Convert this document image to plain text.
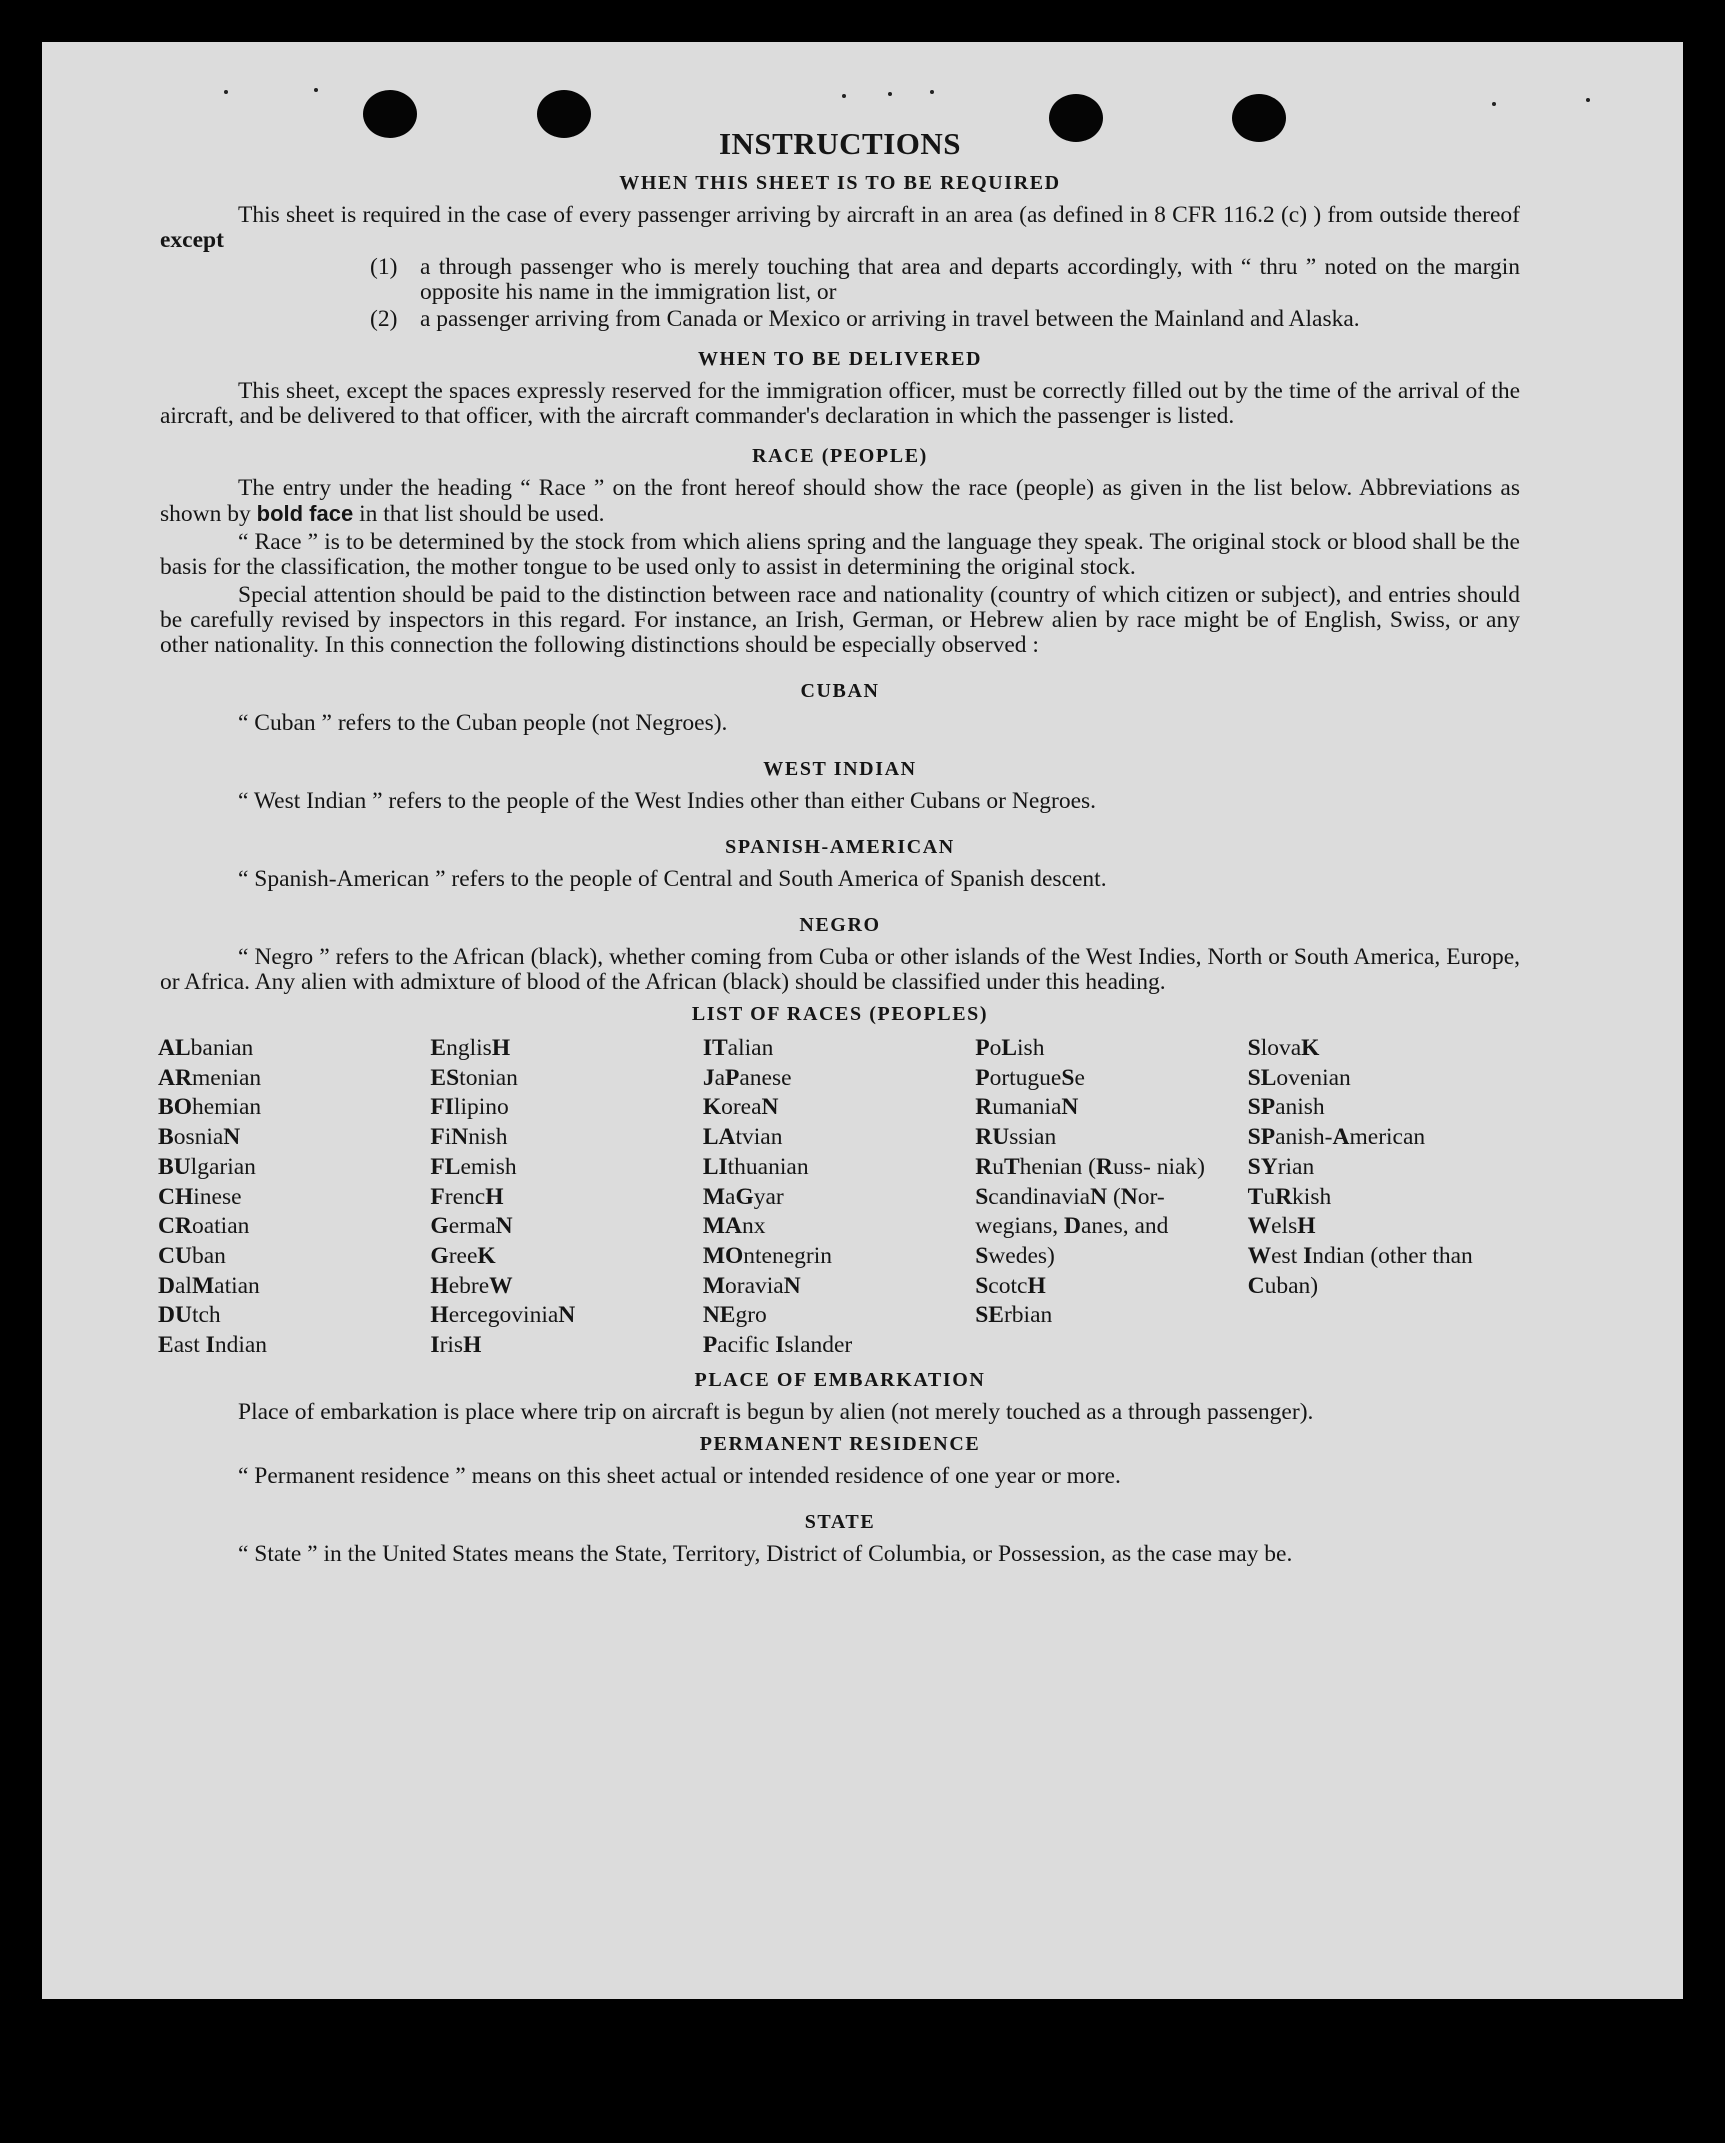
INSTRUCTIONS
WHEN THIS SHEET IS TO BE REQUIRED

This sheet is required in the case of every passenger arriving by aircraft in an area (as defined in 8 CFR 116.2 (c) ) from outside thereof except

(1) a through passenger who is merely touching that area and departs accordingly, with “ thru ” noted on the margin opposite his name in the immigration list, or
(2) a passenger arriving from Canada or Mexico or arriving in travel between the Mainland and Alaska.
WHEN TO BE DELIVERED

This sheet, except the spaces expressly reserved for the immigration officer, must be correctly filled out by the time of the arrival of the aircraft, and be delivered to that officer, with the aircraft commander's declaration in which the passenger is listed.

RACE (PEOPLE)

The entry under the heading “ Race ” on the front hereof should show the race (people) as given in the list below. Abbreviations as shown by bold face in that list should be used.

“ Race ” is to be determined by the stock from which aliens spring and the language they speak. The original stock or blood shall be the basis for the classification, the mother tongue to be used only to assist in determining the original stock.

Special attention should be paid to the distinction between race and nationality (country of which citizen or subject), and entries should be carefully revised by inspectors in this regard. For instance, an Irish, German, or Hebrew alien by race might be of English, Swiss, or any other nationality. In this connection the following distinctions should be especially observed :

CUBAN

“ Cuban ” refers to the Cuban people (not Negroes).

WEST INDIAN

“ West Indian ” refers to the people of the West Indies other than either Cubans or Negroes.

SPANISH-AMERICAN

“ Spanish-American ” refers to the people of Central and South America of Spanish descent.

NEGRO

“ Negro ” refers to the African (black), whether coming from Cuba or other islands of the West Indies, North or South America, Europe, or Africa. Any alien with admixture of blood of the African (black) should be classified under this heading.

LIST OF RACES (PEOPLES)
ALbanian
ARmenian
BOhemian
BosniaN
BUlgarian
CHinese
CRoatian
CUban
DalMatian
DUtch
East Indian
EnglisH
EStonian
FIlipino
FiNnish
FLemish
FrencH
GermaN
GreeK
HebreW
HercegoviniaN
IrisH
ITalian
JaPanese
KoreaN
LAtvian
LIthuanian
MaGyar
MAnx
MOntenegrin
MoraviaN
NEgro
Pacific Islander
PoLish
PortugueSe
RumaniaN
RUssian
RuThenian (Russ- niak)
ScandinaviaN (Nor- wegians, Danes, and Swedes)
ScotcH
SErbian
SlovaK
SLovenian
SPanish
SPanish-American
SYrian
TuRkish
WelsH
West Indian (other than Cuban)
PLACE OF EMBARKATION

Place of embarkation is place where trip on aircraft is begun by alien (not merely touched as a through passenger).

PERMANENT RESIDENCE

“ Permanent residence ” means on this sheet actual or intended residence of one year or more.

STATE

“ State ” in the United States means the State, Territory, District of Columbia, or Possession, as the case may be.
